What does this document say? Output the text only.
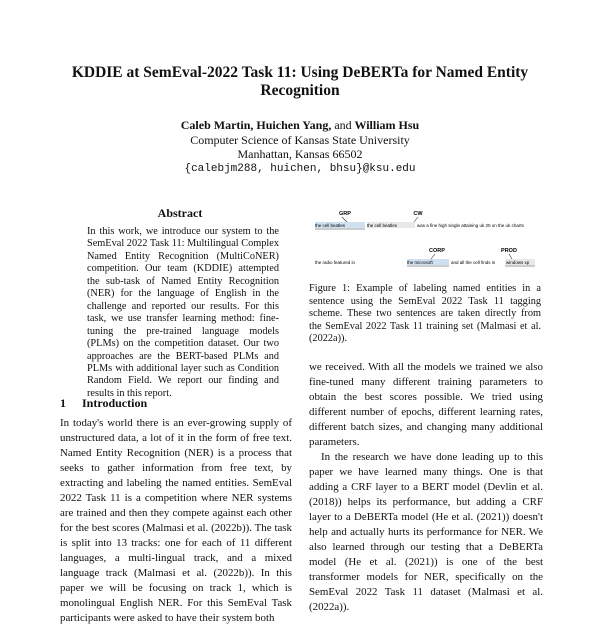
KDDIE at SemEval-2022 Task 11: Using DeBERTa for Named Entity Recognition
Caleb Martin, Huichen Yang, and William Hsu
Computer Science of Kansas State University
Manhattan, Kansas 66502
{calebjm288, huichen, bhsu}@ksu.edu
Abstract
In this work, we introduce our system to the SemEval 2022 Task 11: Multilingual Complex Named Entity Recognition (MultiCoNER) competition. Our team (KDDIE) attempted the sub-task of Named Entity Recognition (NER) for the language of English in the challenge and reported our results. For this task, we use transfer learning method: fine-tuning the pre-trained language models (PLMs) on the competition dataset. Our two approaches are the BERT-based PLMs and PLMs with additional layer such as Condition Random Field. We report our finding and results in this report.
1 Introduction

In today's world there is an ever-growing supply of unstructured data, a lot of it in the form of free text. Named Entity Recognition (NER) is a process that seeks to gather information from free text, by extracting and labeling the named entities. SemEval 2022 Task 11 is a competition where NER systems are trained and then they compete against each other for the best scores (Malmasi et al. (2022b)). The task is split into 13 tracks: one for each of 11 different languages, a multi-lingual track, and a mixed language track (Malmasi et al. (2022b)). In this paper we will be focusing on track 1, which is monolingual English NER. For this SemEval Task participants were asked to have their system both

GRP	CW
the cell beatles	the cell beatles	was a fine high single attaining uk 20 on the uk charts
CORP	PROD
the radio featured in	the microsoft	and all the cell finds in windows xp
Figure 1: Example of labeling named entities in a sentence using the SemEval 2022 Task 11 tagging scheme. These two sentences are taken directly from the SemEval 2022 Task 11 training set (Malmasi et al. (2022a)).

we received. With all the models we trained we also fine-tuned many different training parameters to obtain the best scores possible. We tried using different number of epochs, different learning rates, different batch sizes, and changing many additional parameters.

In the research we have done leading up to this paper we have learned many things. One is that adding a CRF layer to a BERT model (Devlin et al. (2018)) helps its performance, but adding a CRF layer to a DeBERTa model (He et al. (2021)) doesn't help and actually hurts its performance for NER. We also learned through our testing that a DeBERTa model (He et al. (2021)) is one of the best transformer models for NER, specifically on the SemEval 2022 Task 11 dataset (Malmasi et al. (2022a)).
